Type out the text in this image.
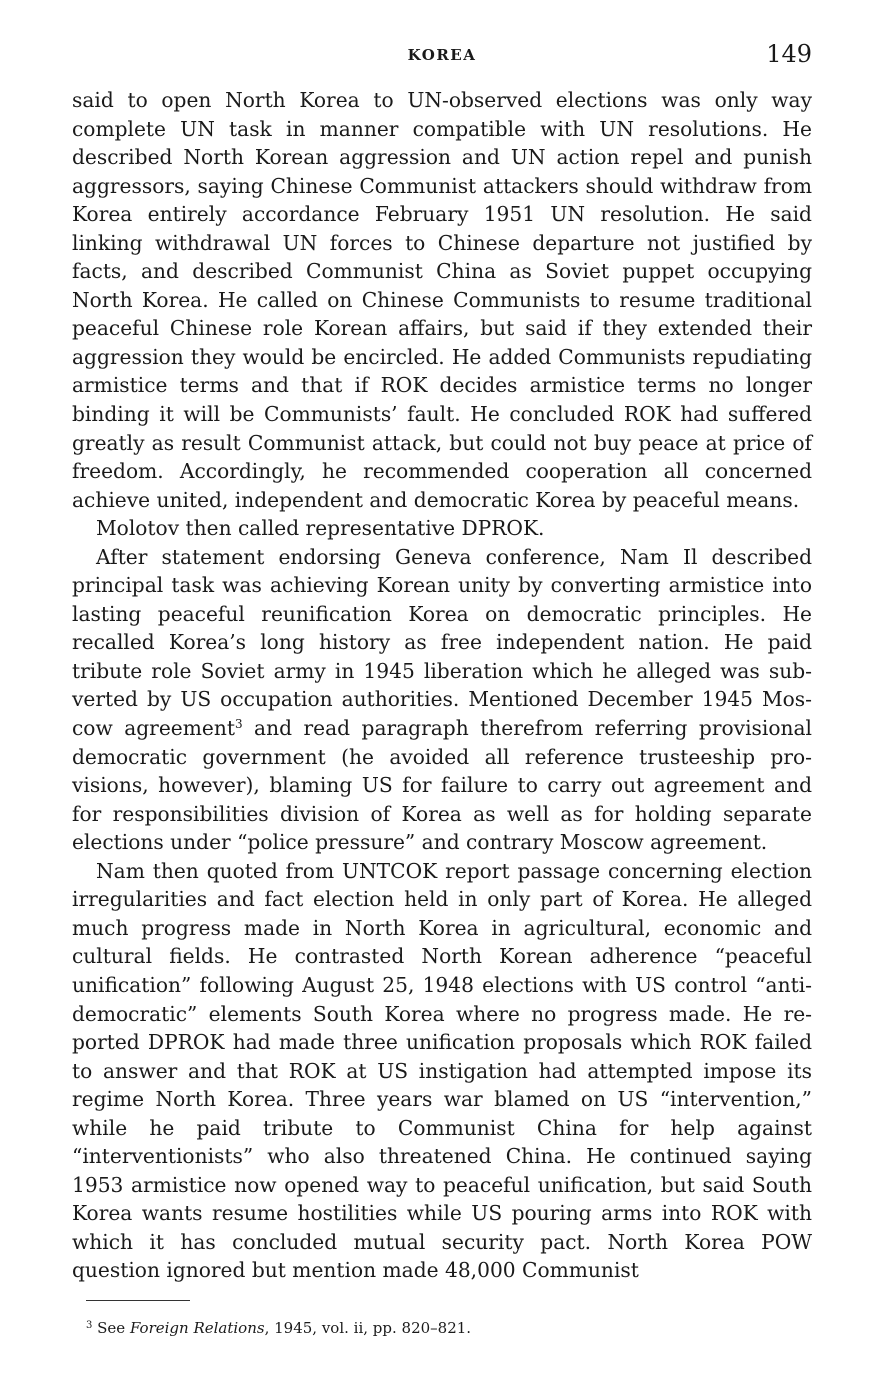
KOREA	149

said to open North Korea to UN-observed elections was only way complete UN task in manner compatible with UN resolutions. He described North Korean aggression and UN action repel and punish aggressors, saying Chinese Communist attackers should withdraw from Korea entirely accordance February 1951 UN resolution. He said linking withdrawal UN forces to Chinese departure not justified by facts, and described Communist China as Soviet puppet occupying North Korea. He called on Chinese Communists to resume traditional peaceful Chinese role Korean affairs, but said if they extended their aggression they would be encircled. He added Communists repudiating armistice terms and that if ROK decides armistice terms no longer binding it will be Communists’ fault. He concluded ROK had suffered greatly as result Communist attack, but could not buy peace at price of freedom. Accordingly, he recommended cooperation all concerned achieve united, independent and democratic Korea by peaceful means.

Molotov then called representative DPROK.

After statement endorsing Geneva conference, Nam Il described principal task was achieving Korean unity by converting armistice into lasting peaceful reunification Korea on democratic principles. He recalled Korea’s long history as free independent nation. He paid tribute role Soviet army in 1945 liberation which he alleged was subverted by US occupation authorities. Mentioned December 1945 Moscow agreement$^3$ and read paragraph therefrom referring provisional democratic government (he avoided all reference trusteeship provisions, however), blaming US for failure to carry out agreement and for responsibilities division of Korea as well as for holding separate elections under “police pressure” and contrary Moscow agreement.

Nam then quoted from UNTCOK report passage concerning election irregularities and fact election held in only part of Korea. He alleged much progress made in North Korea in agricultural, economic and cultural fields. He contrasted North Korean adherence “peaceful unification” following August 25, 1948 elections with US control “antidemocratic” elements South Korea where no progress made. He reported DPROK had made three unification proposals which ROK failed to answer and that ROK at US instigation had attempted impose its regime North Korea. Three years war blamed on US “intervention,” while he paid tribute to Communist China for help against “interventionists” who also threatened China. He continued saying 1953 armistice now opened way to peaceful unification, but said South Korea wants resume hostilities while US pouring arms into ROK with which it has concluded mutual security pact. North Korea POW question ignored but mention made 48,000 Communist

$^3$ See Foreign Relations, 1945, vol. ii, pp. 820–821.
